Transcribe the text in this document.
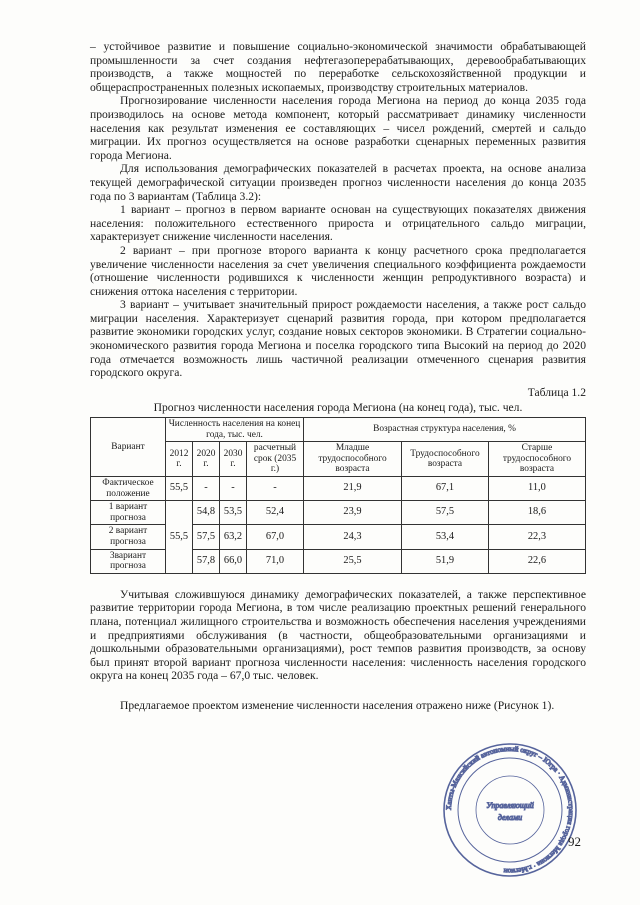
– устойчивое развитие и повышение социально-экономической значимости обрабатывающей промышленности за счет создания нефтегазоперерабатывающих, деревообрабатывающих производств, а также мощностей по переработке сельскохозяйственной продукции и общераспространенных полезных ископаемых, производству строительных материалов.

Прогнозирование численности населения города Мегиона на период до конца 2035 года производилось на основе метода компонент, который рассматривает динамику численности населения как результат изменения ее составляющих – чисел рождений, смертей и сальдо миграции. Их прогноз осуществляется на основе разработки сценарных переменных развития города Мегиона.

Для использования демографических показателей в расчетах проекта, на основе анализа текущей демографической ситуации произведен прогноз численности населения до конца 2035 года по 3 вариантам (Таблица 3.2):

1 вариант – прогноз в первом варианте основан на существующих показателях движения населения: положительного естественного прироста и отрицательного сальдо миграции, характеризует снижение численности населения.

2 вариант – при прогнозе второго варианта к концу расчетного срока предполагается увеличение численности населения за счет увеличения специального коэффициента рождаемости (отношение численности родившихся к численности женщин репродуктивного возраста) и снижения оттока населения с территории.

3 вариант – учитывает значительный прирост рождаемости населения, а также рост сальдо миграции населения. Характеризует сценарий развития города, при котором предполагается развитие экономики городских услуг, создание новых секторов экономики. В Стратегии социально-экономического развития города Мегиона и поселка городского типа Высокий на период до 2020 года отмечается возможность лишь частичной реализации отмеченного сценария развития городского округа.

Таблица 1.2
Прогноз численности населения города Мегиона (на конец года), тыс. чел.
Вариант	Численность населения на конец года, тыс. чел.				Возрастная структура населения, %		
	2012 г.	2020 г.	2030 г.	расчетный срок (2035 г.)	Младше трудоспособного возраста	Трудоспособного возраста	Старше трудоспособного возраста
Фактическое положение	55,5	-	-	-	21,9	67,1	11,0
1 вариант прогноза	55,5	54,8	53,5	52,4	23,9	57,5	18,6
2 вариант прогноза		57,5	63,2	67,0	24,3	53,4	22,3
3вариант прогноза		57,8	66,0	71,0	25,5	51,9	22,6

Учитывая сложившуюся динамику демографических показателей, а также перспективное развитие территории города Мегиона, в том числе реализацию проектных решений генерального плана, потенциал жилищного строительства и возможность обеспечения населения учреждениями и предприятиями обслуживания (в частности, общеобразовательными организациями и дошкольными образовательными организациями), рост темпов развития производств, за основу был принят второй вариант прогноза численности населения: численность населения городского округа на конец 2035 года – 67,0 тыс. человек.

Предлагаемое проектом изменение численности населения отражено ниже (Рисунок 1).

Ханты-Мансийский автономный округ – Югра · Администрация города Мегиона · г.Мегион
Управляющий
делами
92
